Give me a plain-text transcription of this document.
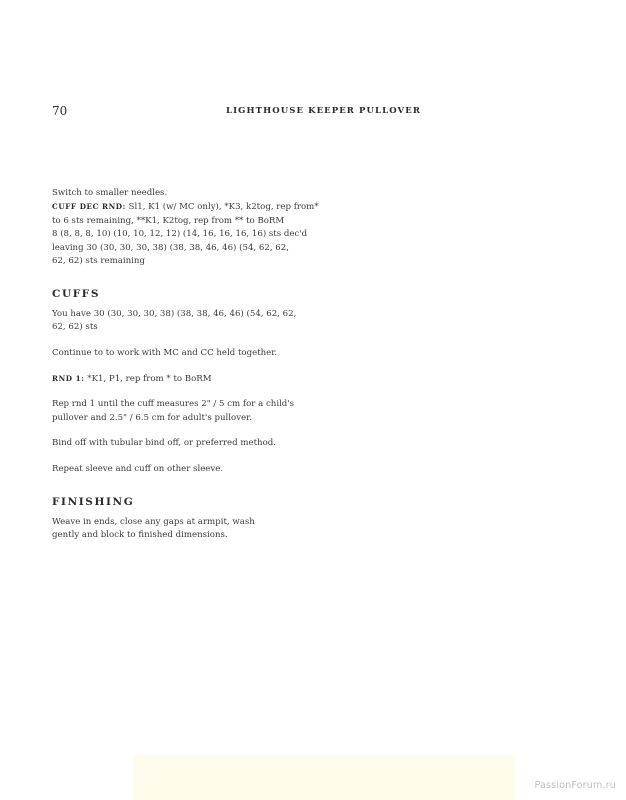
70	LIGHTHOUSE KEEPER PULLOVER

Switch to smaller needles.

CUFF DEC RND: Sl1, K1 (w/ MC only), *K3, k2tog, rep from*

to 6 sts remaining, **K1, K2tog, rep from ** to BoRM

8 (8, 8, 8, 10) (10, 10, 12, 12) (14, 16, 16, 16, 16) sts dec'd

leaving 30 (30, 30, 30, 38) (38, 38, 46, 46) (54, 62, 62,

62, 62) sts remaining

CUFFS

You have 30 (30, 30, 30, 38) (38, 38, 46, 46) (54, 62, 62,

62, 62) sts

Continue to to work with MC and CC held together.

RND 1: *K1, P1, rep from * to BoRM

Rep rnd 1 until the cuff measures 2" / 5 cm for a child's

pullover and 2.5" / 6.5 cm for adult's pullover.

Bind off with tubular bind off, or preferred method.

Repeat sleeve and cuff on other sleeve.

FINISHING

Weave in ends, close any gaps at armpit, wash

gently and block to finished dimensions.

PassionForum.ru
